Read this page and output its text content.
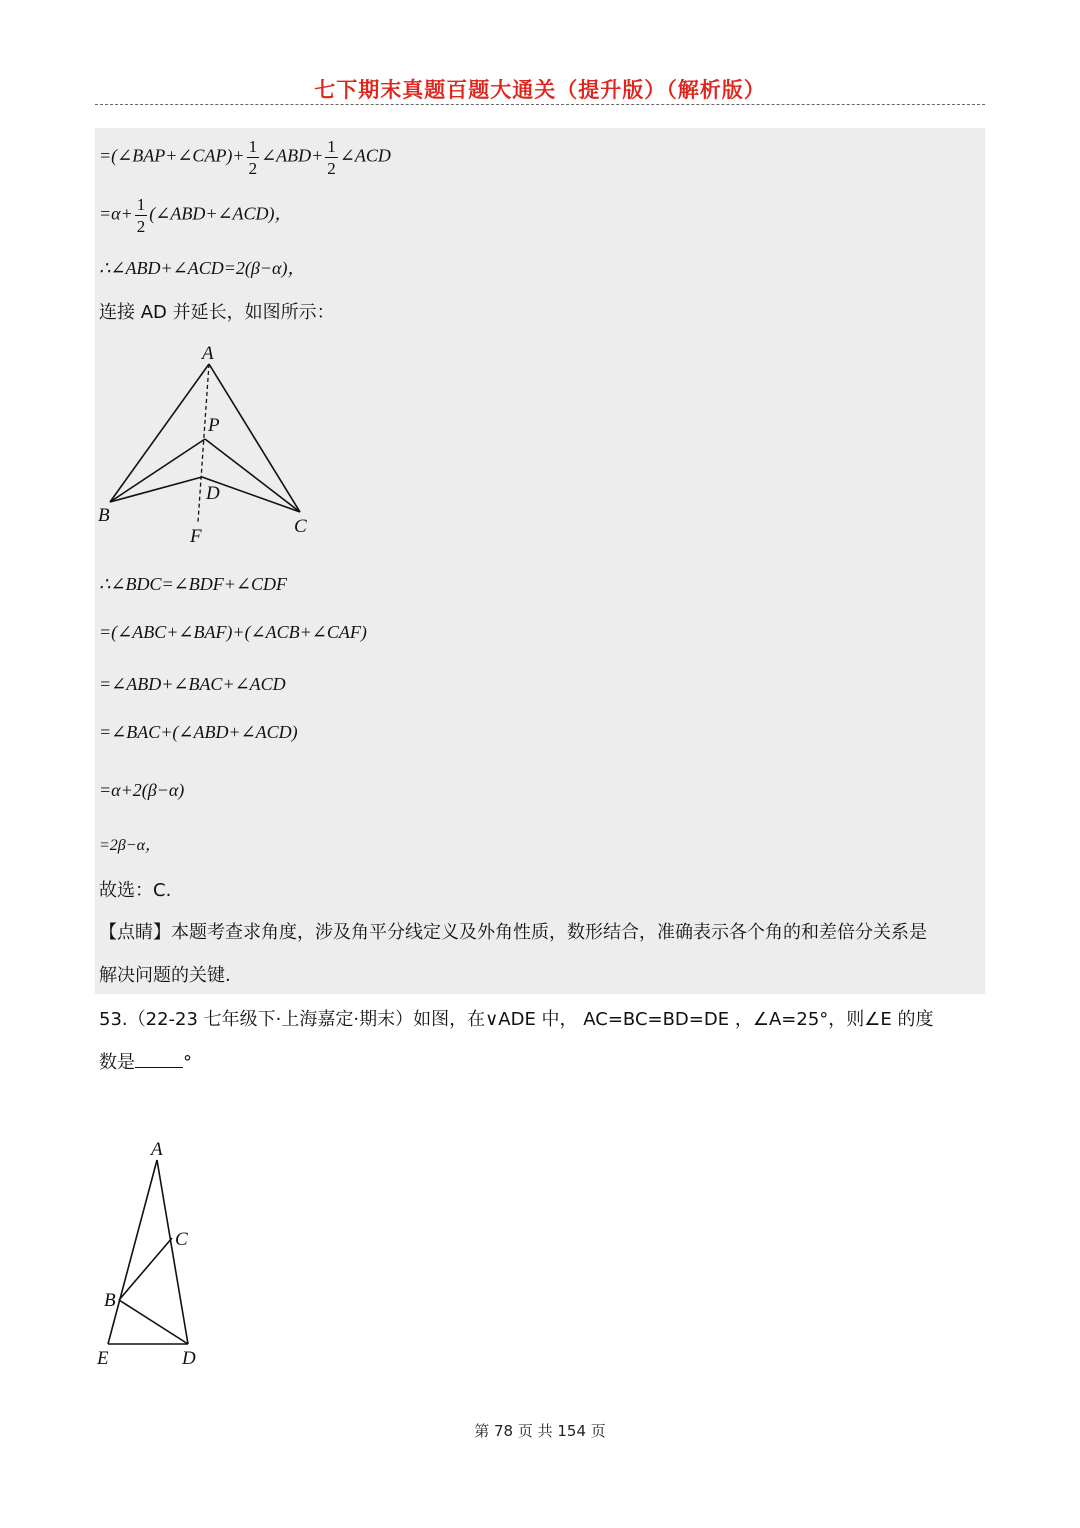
七下期末真题百题大通关（提升版）（解析版）
=(∠BAP+∠CAP)+ $\frac{1}{2}$ ∠ABD+ $\frac{1}{2}$ ∠ACD
$=\alpha+ \frac{1}{2}$ (∠ABD+∠ACD)，
∴∠ABD+∠ACD=2(β−α)，
连接 AD 并延长，如图所示：
A
P
D
B
C
F
∴∠BDC=∠BDF+∠CDF
=(∠ABC+∠BAF)+(∠ACB+∠CAF)
=∠ABD+∠BAC+∠ACD
=∠BAC+(∠ABD+∠ACD)
=α+2(β−α)
=2β−α，
故选：C.
【点睛】本题考查求角度，涉及角平分线定义及外角性质，数形结合，准确表示各个角的和差倍分关系是
解决问题的关键.
53.（22-23 七年级下·上海嘉定·期末）如图，在∨ADE 中， AC=BC=BD=DE ，∠A=25°，则∠E 的度
数是	°
A
C
B
E	D
第 78 页 共 154 页
